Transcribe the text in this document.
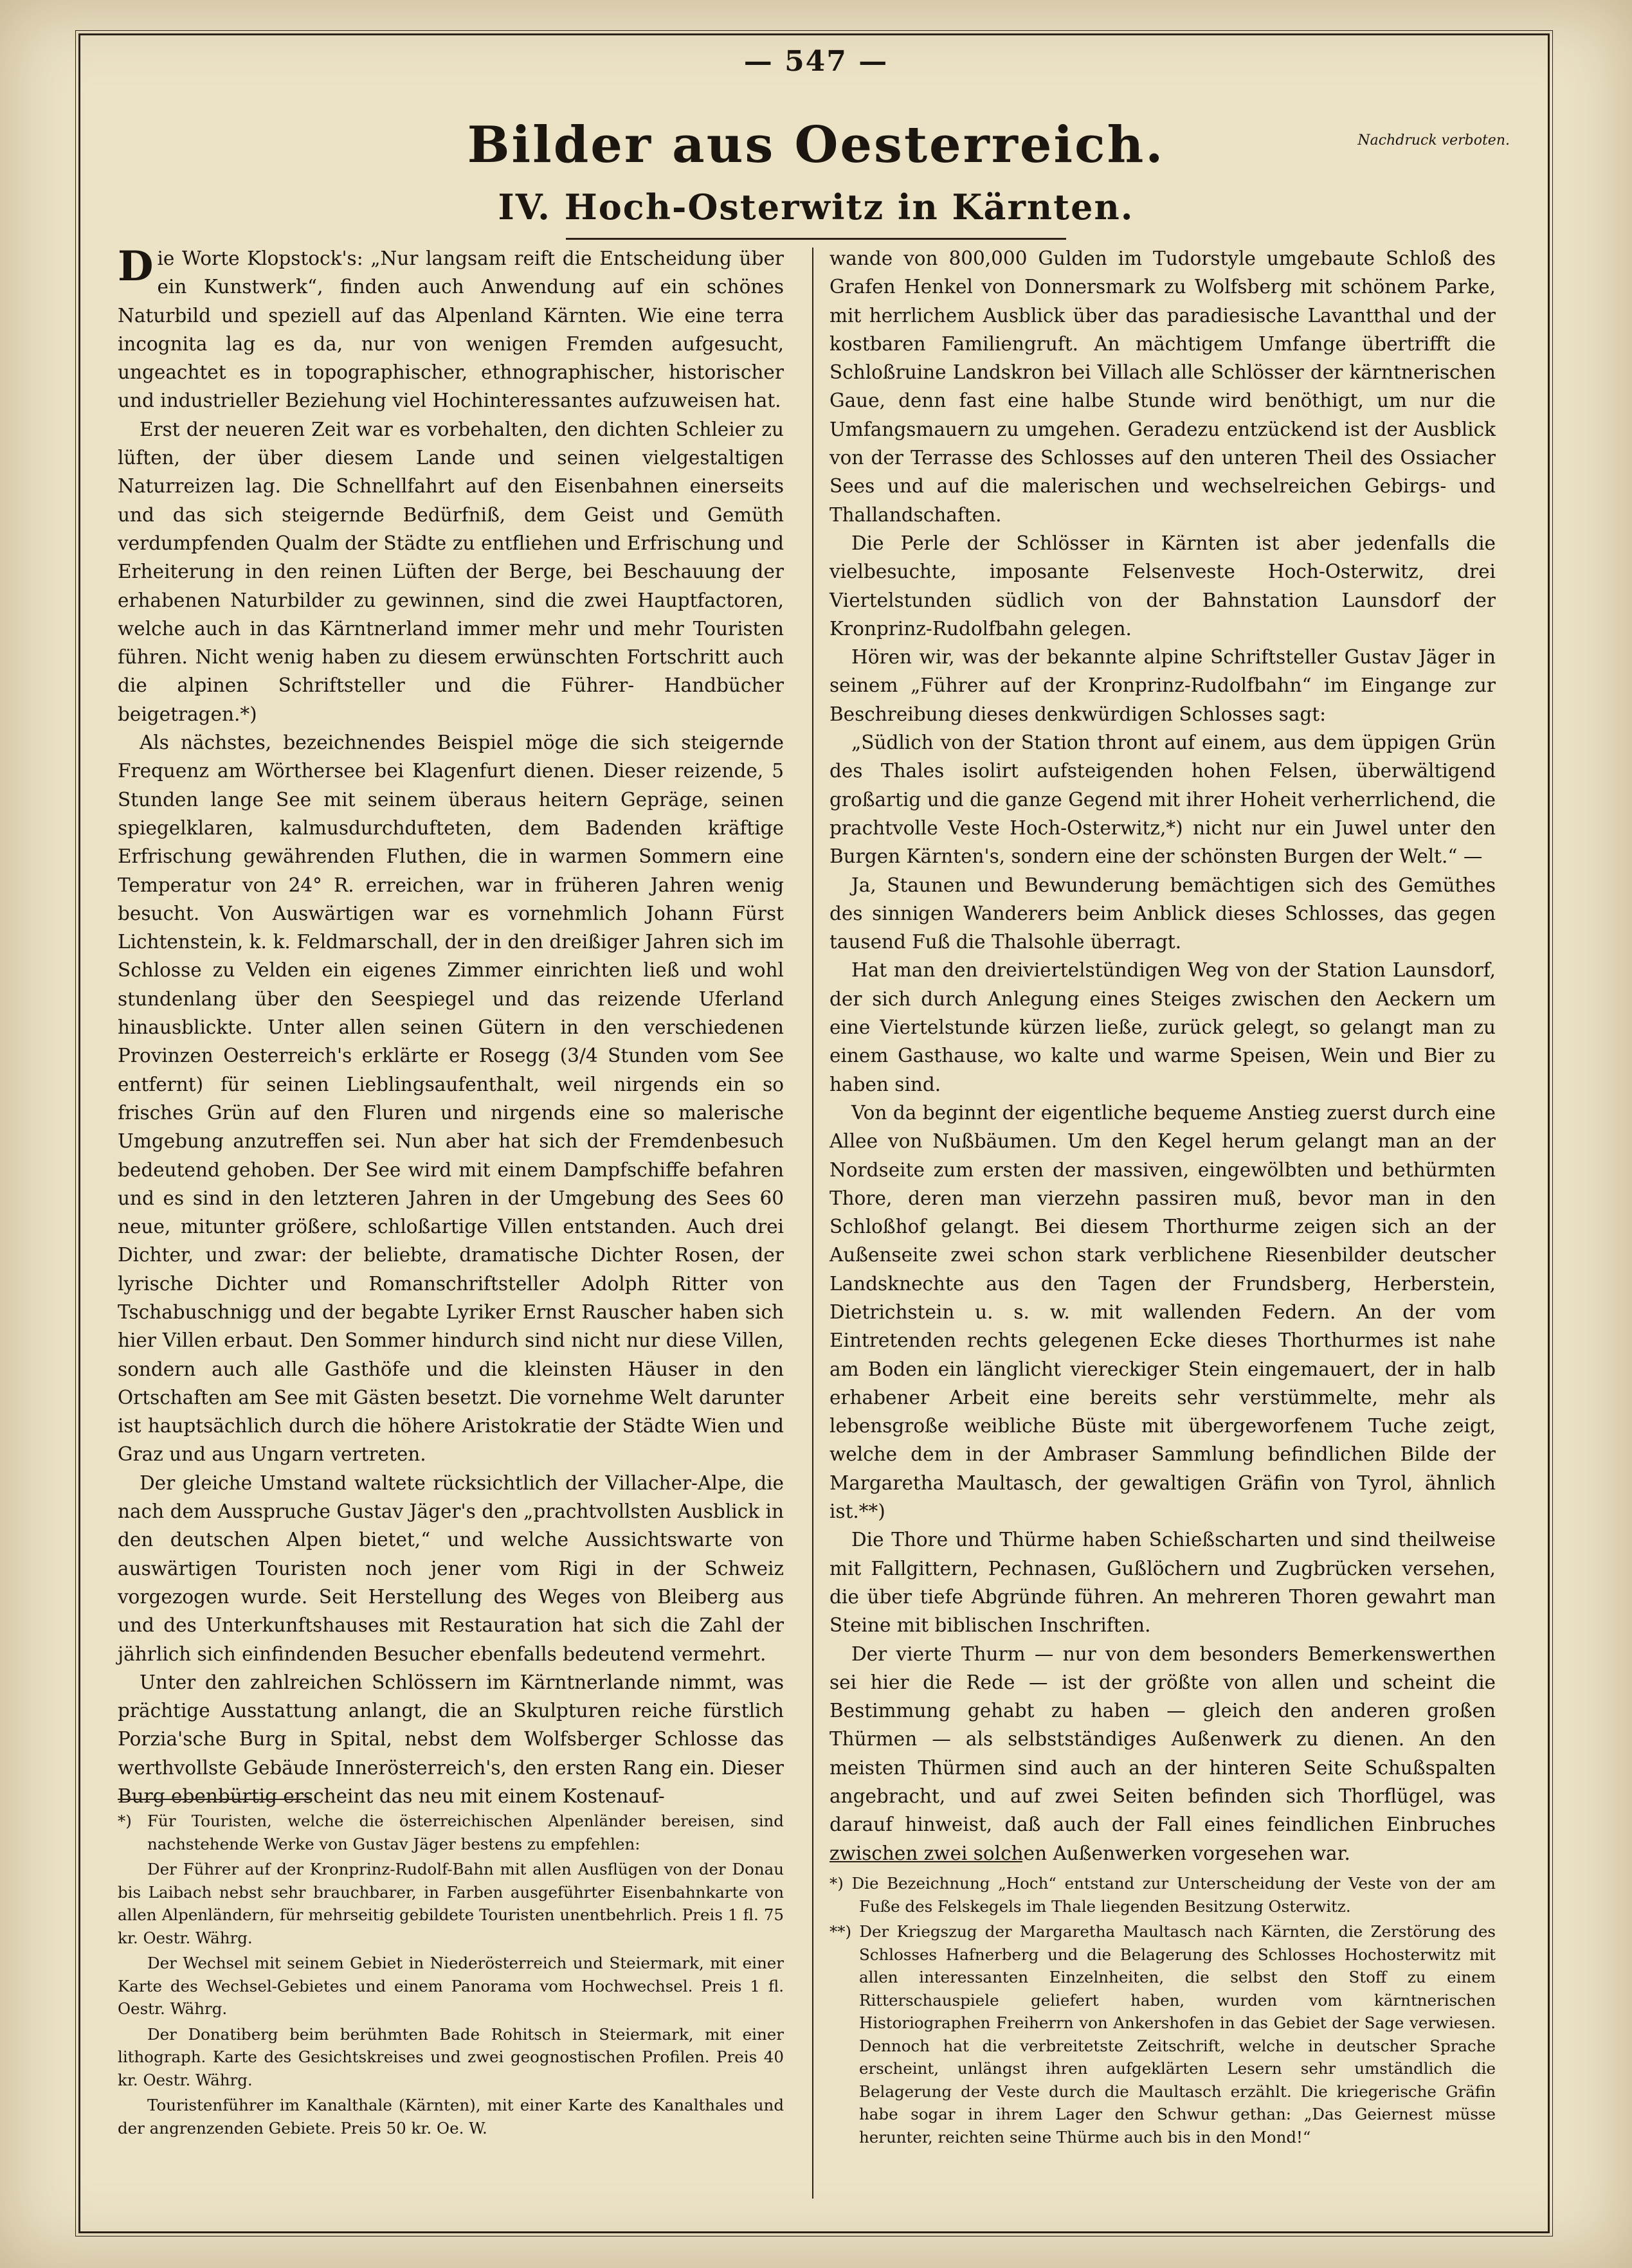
— 547 —
Nachdruck verboten.
Bilder aus Oesterreich.
IV. Hoch-Osterwitz in Kärnten.

Die Worte Klopstock's: „Nur langsam reift die Entscheidung über ein Kunstwerk“, finden auch Anwendung auf ein schönes Naturbild und speziell auf das Alpenland Kärnten. Wie eine terra incognita lag es da, nur von wenigen Fremden aufgesucht, ungeachtet es in topographischer, ethnographischer, historischer und industrieller Beziehung viel Hochinteressantes aufzuweisen hat.

Erst der neueren Zeit war es vorbehalten, den dichten Schleier zu lüften, der über diesem Lande und seinen vielgestaltigen Naturreizen lag. Die Schnellfahrt auf den Eisenbahnen einerseits und das sich steigernde Bedürfniß, dem Geist und Gemüth verdumpfenden Qualm der Städte zu entfliehen und Erfrischung und Erheiterung in den reinen Lüften der Berge, bei Beschauung der erhabenen Naturbilder zu gewinnen, sind die zwei Hauptfactoren, welche auch in das Kärntnerland immer mehr und mehr Touristen führen. Nicht wenig haben zu diesem erwünschten Fortschritt auch die alpinen Schriftsteller und die Führer- Handbücher beigetragen.*)

Als nächstes, bezeichnendes Beispiel möge die sich steigernde Frequenz am Wörthersee bei Klagenfurt dienen. Dieser reizende, 5 Stunden lange See mit seinem überaus heitern Gepräge, seinen spiegelklaren, kalmusdurchdufteten, dem Badenden kräftige Erfrischung gewährenden Fluthen, die in warmen Sommern eine Temperatur von 24° R. erreichen, war in früheren Jahren wenig besucht. Von Auswärtigen war es vornehmlich Johann Fürst Lichtenstein, k. k. Feldmarschall, der in den dreißiger Jahren sich im Schlosse zu Velden ein eigenes Zimmer einrichten ließ und wohl stundenlang über den Seespiegel und das reizende Uferland hinausblickte. Unter allen seinen Gütern in den verschiedenen Provinzen Oesterreich's erklärte er Rosegg (3/4 Stunden vom See entfernt) für seinen Lieblingsaufenthalt, weil nirgends ein so frisches Grün auf den Fluren und nirgends eine so malerische Umgebung anzutreffen sei. Nun aber hat sich der Fremdenbesuch bedeutend gehoben. Der See wird mit einem Dampfschiffe befahren und es sind in den letzteren Jahren in der Umgebung des Sees 60 neue, mitunter größere, schloßartige Villen entstanden. Auch drei Dichter, und zwar: der beliebte, dramatische Dichter Rosen, der lyrische Dichter und Romanschriftsteller Adolph Ritter von Tschabuschnigg und der begabte Lyriker Ernst Rauscher haben sich hier Villen erbaut. Den Sommer hindurch sind nicht nur diese Villen, sondern auch alle Gasthöfe und die kleinsten Häuser in den Ortschaften am See mit Gästen besetzt. Die vornehme Welt darunter ist hauptsächlich durch die höhere Aristokratie der Städte Wien und Graz und aus Ungarn vertreten.

Der gleiche Umstand waltete rücksichtlich der Villacher-Alpe, die nach dem Ausspruche Gustav Jäger's den „prachtvollsten Ausblick in den deutschen Alpen bietet,“ und welche Aussichtswarte von auswärtigen Touristen noch jener vom Rigi in der Schweiz vorgezogen wurde. Seit Herstellung des Weges von Bleiberg aus und des Unterkunftshauses mit Restauration hat sich die Zahl der jährlich sich einfindenden Besucher ebenfalls bedeutend vermehrt.

Unter den zahlreichen Schlössern im Kärntnerlande nimmt, was prächtige Ausstattung anlangt, die an Skulpturen reiche fürstlich Porzia'sche Burg in Spital, nebst dem Wolfsberger Schlosse das werthvollste Gebäude Innerösterreich's, den ersten Rang ein. Dieser Burg ebenbürtig erscheint das neu mit einem Kostenauf-

*) Für Touristen, welche die österreichischen Alpenländer bereisen, sind nachstehende Werke von Gustav Jäger bestens zu empfehlen:

Der Führer auf der Kronprinz-Rudolf-Bahn mit allen Ausflügen von der Donau bis Laibach nebst sehr brauchbarer, in Farben ausgeführter Eisenbahnkarte von allen Alpenländern, für mehrseitig gebildete Touristen unentbehrlich. Preis 1 fl. 75 kr. Oestr. Währg.

Der Wechsel mit seinem Gebiet in Niederösterreich und Steiermark, mit einer Karte des Wechsel-Gebietes und einem Panorama vom Hochwechsel. Preis 1 fl. Oestr. Währg.

Der Donatiberg beim berühmten Bade Rohitsch in Steiermark, mit einer lithograph. Karte des Gesichtskreises und zwei geognostischen Profilen. Preis 40 kr. Oestr. Währg.

Touristenführer im Kanalthale (Kärnten), mit einer Karte des Kanalthales und der angrenzenden Gebiete. Preis 50 kr. Oe. W.

wande von 800,000 Gulden im Tudorstyle umgebaute Schloß des Grafen Henkel von Donnersmark zu Wolfsberg mit schönem Parke, mit herrlichem Ausblick über das paradiesische Lavantthal und der kostbaren Familiengruft. An mächtigem Umfange übertrifft die Schloßruine Landskron bei Villach alle Schlösser der kärntnerischen Gaue, denn fast eine halbe Stunde wird benöthigt, um nur die Umfangsmauern zu umgehen. Geradezu entzückend ist der Ausblick von der Terrasse des Schlosses auf den unteren Theil des Ossiacher Sees und auf die malerischen und wechselreichen Gebirgs- und Thallandschaften.

Die Perle der Schlösser in Kärnten ist aber jedenfalls die vielbesuchte, imposante Felsenveste Hoch-Osterwitz, drei Viertelstunden südlich von der Bahnstation Launsdorf der Kronprinz-Rudolfbahn gelegen.

Hören wir, was der bekannte alpine Schriftsteller Gustav Jäger in seinem „Führer auf der Kronprinz-Rudolfbahn“ im Eingange zur Beschreibung dieses denkwürdigen Schlosses sagt:

„Südlich von der Station thront auf einem, aus dem üppigen Grün des Thales isolirt aufsteigenden hohen Felsen, überwältigend großartig und die ganze Gegend mit ihrer Hoheit verherrlichend, die prachtvolle Veste Hoch-Osterwitz,*) nicht nur ein Juwel unter den Burgen Kärnten's, sondern eine der schönsten Burgen der Welt.“ —

Ja, Staunen und Bewunderung bemächtigen sich des Gemüthes des sinnigen Wanderers beim Anblick dieses Schlosses, das gegen tausend Fuß die Thalsohle überragt.

Hat man den dreiviertelstündigen Weg von der Station Launsdorf, der sich durch Anlegung eines Steiges zwischen den Aeckern um eine Viertelstunde kürzen ließe, zurück gelegt, so gelangt man zu einem Gasthause, wo kalte und warme Speisen, Wein und Bier zu haben sind.

Von da beginnt der eigentliche bequeme Anstieg zuerst durch eine Allee von Nußbäumen. Um den Kegel herum gelangt man an der Nordseite zum ersten der massiven, eingewölbten und bethürmten Thore, deren man vierzehn passiren muß, bevor man in den Schloßhof gelangt. Bei diesem Thorthurme zeigen sich an der Außenseite zwei schon stark verblichene Riesenbilder deutscher Landsknechte aus den Tagen der Frundsberg, Herberstein, Dietrichstein u. s. w. mit wallenden Federn. An der vom Eintretenden rechts gelegenen Ecke dieses Thorthurmes ist nahe am Boden ein länglicht viereckiger Stein eingemauert, der in halb erhabener Arbeit eine bereits sehr verstümmelte, mehr als lebensgroße weibliche Büste mit übergeworfenem Tuche zeigt, welche dem in der Ambraser Sammlung befindlichen Bilde der Margaretha Maultasch, der gewaltigen Gräfin von Tyrol, ähnlich ist.**)

Die Thore und Thürme haben Schießscharten und sind theilweise mit Fallgittern, Pechnasen, Gußlöchern und Zugbrücken versehen, die über tiefe Abgründe führen. An mehreren Thoren gewahrt man Steine mit biblischen Inschriften.

Der vierte Thurm — nur von dem besonders Bemerkenswerthen sei hier die Rede — ist der größte von allen und scheint die Bestimmung gehabt zu haben — gleich den anderen großen Thürmen — als selbstständiges Außenwerk zu dienen. An den meisten Thürmen sind auch an der hinteren Seite Schußspalten angebracht, und auf zwei Seiten befinden sich Thorflügel, was darauf hinweist, daß auch der Fall eines feindlichen Einbruches zwischen zwei solchen Außenwerken vorgesehen war.

*) Die Bezeichnung „Hoch“ entstand zur Unterscheidung der Veste von der am Fuße des Felskegels im Thale liegenden Besitzung Osterwitz.

**) Der Kriegszug der Margaretha Maultasch nach Kärnten, die Zerstörung des Schlosses Hafnerberg und die Belagerung des Schlosses Hochosterwitz mit allen interessanten Einzelnheiten, die selbst den Stoff zu einem Ritterschauspiele geliefert haben, wurden vom kärntnerischen Historiographen Freiherrn von Ankershofen in das Gebiet der Sage verwiesen. Dennoch hat die verbreitetste Zeitschrift, welche in deutscher Sprache erscheint, unlängst ihren aufgeklärten Lesern sehr umständlich die Belagerung der Veste durch die Maultasch erzählt. Die kriegerische Gräfin habe sogar in ihrem Lager den Schwur gethan: „Das Geiernest müsse herunter, reichten seine Thürme auch bis in den Mond!“
